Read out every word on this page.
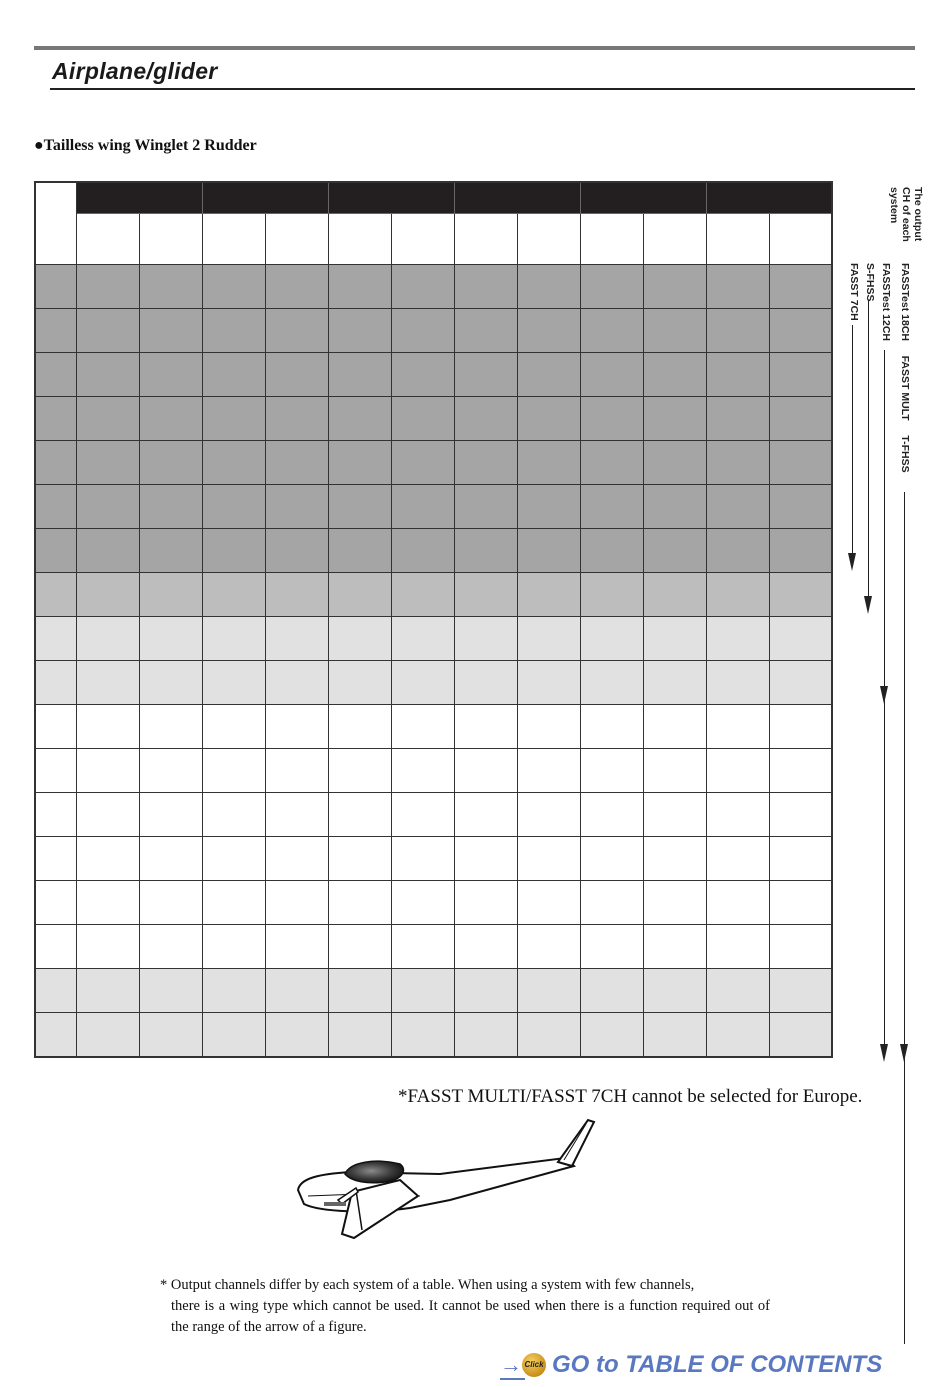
Airplane/glider
●Tailless wing Winglet 2 Rudder

The output
CH of each
system
FASSTest 18CH     FASST MULT     T-FHSS
FASSTest 12CH
S-FHSS
FASST 7CH
*FASST MULTI/FASST 7CH cannot be selected for Europe.
* Output channels differ by each system of a table. When using a system with few channels,
there is a wing type which cannot be used. It cannot be used when there is a function required out of the range of the arrow of a figure.
→ Click GO to TABLE OF CONTENTS
